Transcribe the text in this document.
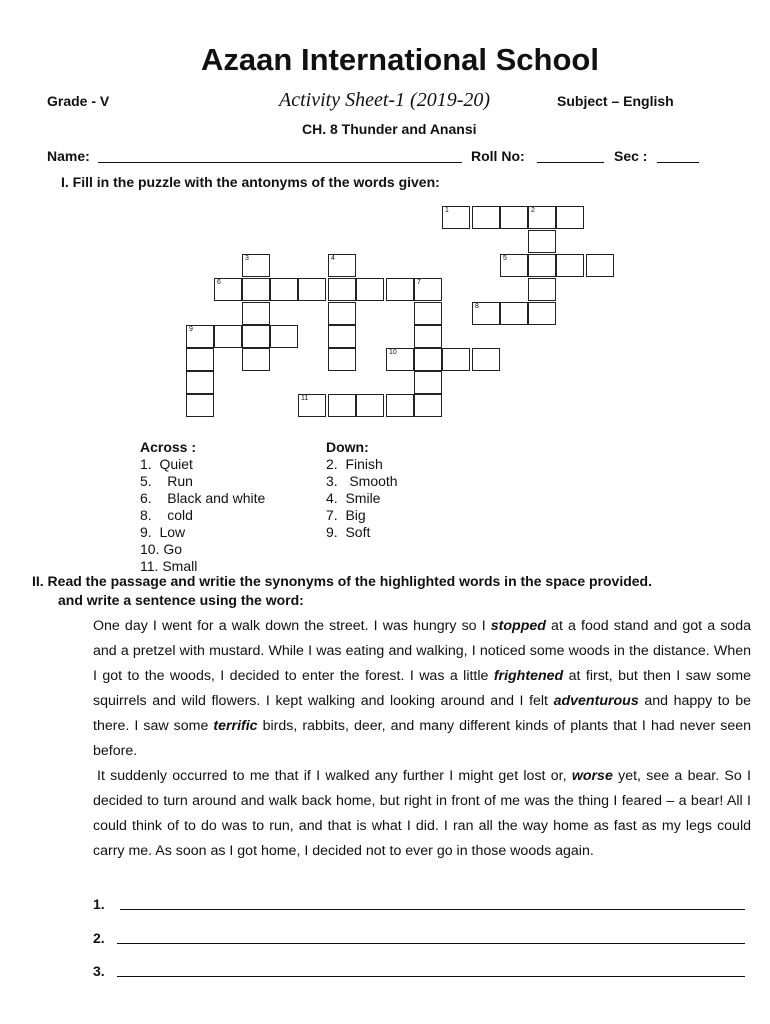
Azaan International School
Grade - V	Activity Sheet-1 (2019-20)	Subject – English
CH. 8 Thunder and Anansi
Name:	Roll No:	Sec :
I. Fill in the puzzle with the antonyms of the words given:
1	2
3	4	5
6	7
8
9
10
11
Across :
1.  Quiet
5.    Run
6.    Black and white
8.    cold
9.  Low
10. Go
11. Small
Down:
2.  Finish
3.   Smooth
4.  Smile
7.  Big
9.  Soft
II. Read the passage and writie the synonyms of the highlighted words in the space provided.
and write a sentence using the word:
One day I went for a walk down the street. I was hungry so I stopped at a food stand and got a soda and a pretzel with mustard. While I was eating and walking, I noticed some woods in the distance. When I got to the woods, I decided to enter the forest. I was a little frightened at first, but then I saw some squirrels and wild flowers. I kept walking and looking around and I felt adventurous and happy to be there. I saw some terrific birds, rabbits, deer, and many different kinds of plants that I had never seen before.
It suddenly occurred to me that if I walked any further I might get lost or, worse yet, see a bear. So I decided to turn around and walk back home, but right in front of me was the thing I feared – a bear! All I could think of to do was to run, and that is what I did. I ran all the way home as fast as my legs could carry me. As soon as I got home, I decided not to ever go in those woods again.
1.
2.
3.
